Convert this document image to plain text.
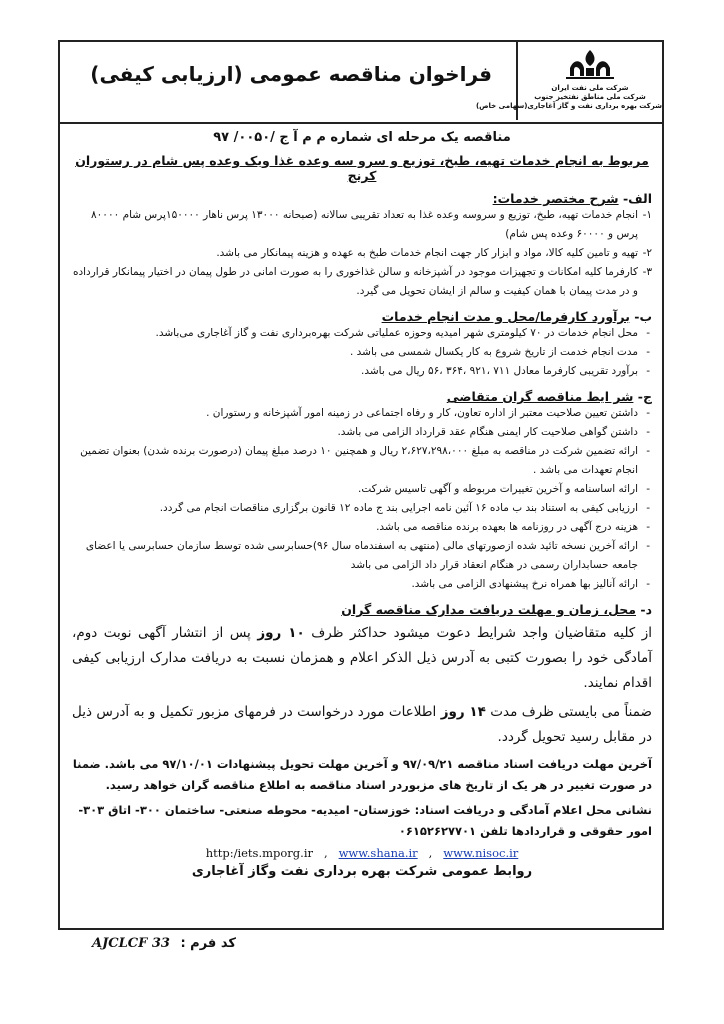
شرکت ملی نفت ایران
شرکت ملی مناطق نفتخیز جنوب
شرکت بهره برداری نفت و گاز آغاجاری(سهامی خاص)
فراخوان مناقصه عمومی (ارزیابی کیفی)
مناقصه یک مرحله ای شماره م م آ ج /۰۰۵۰/ ۹۷
مربوط به انجام خدمات تهیه، طبخ، توزیع و سرو سه وعده غذا ویک وعده پس شام در رستوران کرنج
الف- شرح مختصر خدمات:
۱-
انجام خدمات تهیه، طبخ، توزیع و سروسه وعده غذا به تعداد تقریبی سالانه (صبحانه ۱۳۰۰۰ پرس ناهار ۱۵۰۰۰۰پرس شام ۸۰۰۰۰ پرس و ۶۰۰۰۰ وعده پس شام)
۲-
تهیه و تامین کلیه کالا، مواد و ابزار کار جهت انجام خدمات طبخ به عهده و هزینه پیمانکار می باشد.
۳-
کارفرما کلیه امکانات و تجهیزات موجود در آشپزخانه و سالن غذاخوری را به صورت امانی در طول پیمان در اختیار پیمانکار قرارداده و در مدت پیمان با همان کیفیت و سالم از ایشان تحویل می گیرد.
ب- برآورد کارفرما/محل و مدت انجام خدمات
- محل انجام خدمات در ۷۰ کیلومتری شهر امیدیه وحوزه عملیاتی شرکت بهره‌برداری نفت و گاز آغاجاری می‌باشد.
- مدت انجام خدمت از تاریخ شروع به کار یکسال شمسی می باشد .
- برآورد تقریبی کارفرما معادل ۷۱۱ ،۹۲۱ ،۳۶۴ ،۵۶ ریال می باشد.
ج- شر ایط مناقصه گران متقاضی
- داشتن تعیین صلاحیت معتبر از اداره تعاون، کار و رفاه اجتماعی در زمینه امور آشپزخانه و رستوران .
- داشتن گواهی صلاحیت کار ایمنی هنگام عقد قرارداد الزامی می باشد.
- ارائه تضمین شرکت در مناقصه به مبلغ ۲،۶۲۷،۲۹۸،۰۰۰ ریال و همچنین ۱۰ درصد مبلغ پیمان (درصورت برنده شدن) بعنوان تضمین انجام تعهدات می باشد .
- ارائه اساسنامه و آخرین تغییرات مربوطه و آگهی تاسیس شرکت.
- ارزیابی کیفی به استناد بند ب ماده ۱۶ آئین نامه اجرایی بند ج ماده ۱۲ قانون برگزاری مناقصات انجام می گردد.
- هزینه درج آگهی در روزنامه ها بعهده برنده مناقصه می باشد.
- ارائه آخرین نسخه تائید شده ازصورتهای مالی (منتهی به اسفندماه سال ۹۶)حسابرسی شده توسط سازمان حسابرسی یا اعضای جامعه حسابداران رسمی در هنگام انعقاد قرار داد الزامی می باشد
- ارائه آنالیز بها همراه نرخ پیشنهادی الزامی می باشد.
د- محل، زمان و مهلت دریافت مدارک مناقصه گران
از کلیه متقاضیان واجد شرایط دعوت میشود حداکثر ظرف ۱۰ روز پس از انتشار آگهی نوبت دوم، آمادگی خود را بصورت کتبی به آدرس ذیل الذکر اعلام و همزمان نسبت به دریافت مدارک ارزیابی کیفی اقدام نمایند.
ضمناً می بایستی ظرف مدت ۱۴ روز اطلاعات مورد درخواست در فرمهای مزبور تکمیل و به آدرس ذیل در مقابل رسید تحویل گردد.
آخرین مهلت دریافت اسناد مناقصه ۹۷/۰۹/۲۱ و آخرین مهلت تحویل پیشنهادات ۹۷/۱۰/۰۱ می باشد. ضمنا در صورت تغییر در هر یک از تاریخ های مزبوردر اسناد مناقصه به اطلاع مناقصه گران خواهد رسید.
نشانی محل اعلام آمادگی و دریافت اسناد: خوزستان- امیدیه- محوطه صنعتی- ساختمان ۳۰۰- اتاق ۳۰۳- امور حقوقی و قراردادها تلفن ۰۶۱۵۲۶۲۷۷۰۱
http:/iets.mporg.ir , www.shana.ir , www.nisoc.ir
روابط عمومی شرکت بهره برداری نفت وگاز آغاجاری
کد فرم : AJCLCF 33
